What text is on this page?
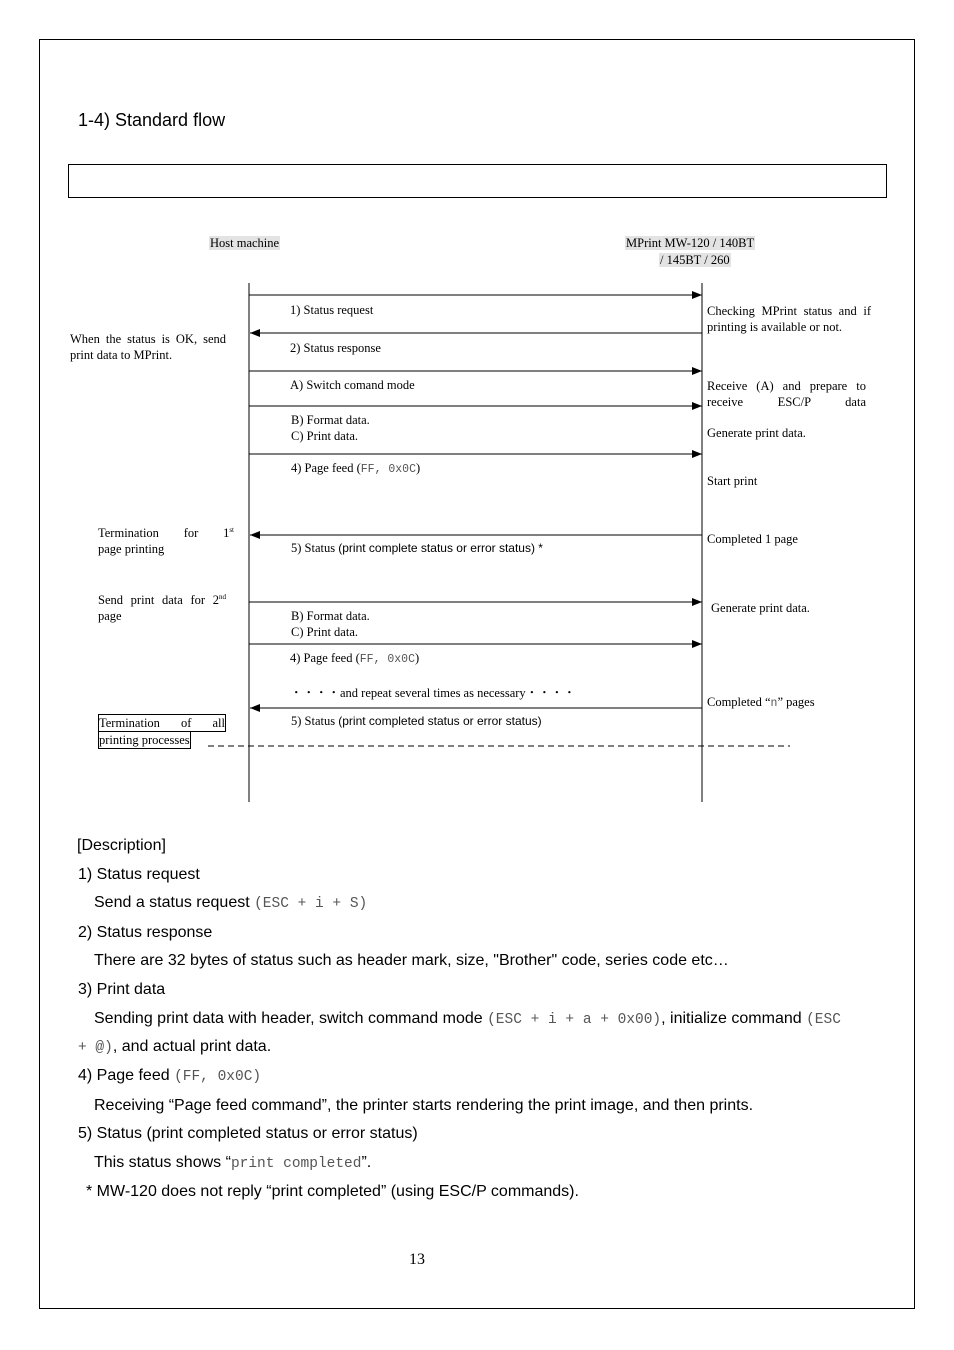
1-4) Standard flow
Host machine	MPrint MW-120 / 140BT
/ 145BT / 260
1) Status request
2) Status response
A) Switch comand mode
B) Format data.
C) Print data.
4) Page feed (FF, 0x0C)
5) Status (print complete status or error status) *
B) Format data.
C) Print data.
4) Page feed (FF, 0x0C)
・・・・and repeat several times as necessary・・・・
5) Status (print completed status or error status)
When the status is OK, send print data to MPrint.
Termination for 1st
page printing
Send print data for 2nd page
Termination of all
printing processes
Checking MPrint status and if printing is available or not.
Receive (A) and prepare to receive ESC/P data
Generate print data.
Start print
Completed 1 page
Generate print data.
Completed “n” pages
[Description]
1) Status request
Send a status request (ESC + i + S)
2) Status response
There are 32 bytes of status such as header mark, size, "Brother" code, series code etc…
3) Print data
Sending print data with header, switch command mode (ESC + i + a + 0x00), initialize command (ESC
+ @), and actual print data.
4) Page feed (FF, 0x0C)
Receiving “Page feed command”, the printer starts rendering the print image, and then prints.
5) Status (print completed status or error status)
This status shows “print completed”.
* MW-120 does not reply “print completed” (using ESC/P commands).
13
